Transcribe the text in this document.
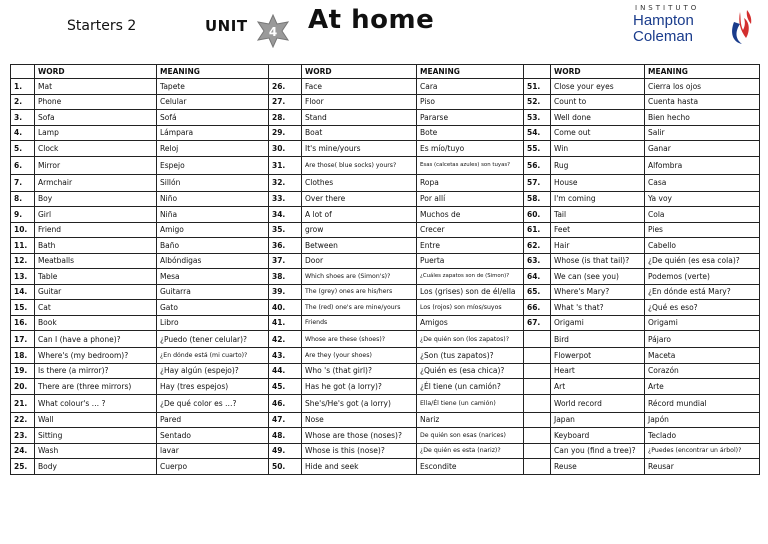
Starters 2	UNIT 4 At home	INSTITUTO
Hampton
Coleman
	WORD	MEANING		WORD	MEANING		WORD	MEANING
1.	Mat	Tapete	26.	Face	Cara	51.	Close your eyes	Cierra los ojos
2.	Phone	Celular	27.	Floor	Piso	52.	Count to	Cuenta hasta
3.	Sofa	Sofá	28.	Stand	Pararse	53.	Well done	Bien hecho
4.	Lamp	Lámpara	29.	Boat	Bote	54.	Come out	Salir
5.	Clock	Reloj	30.	It's mine/yours	Es mío/tuyo	55.	Win	Ganar
6.	Mirror	Espejo	31.	Are those( blue socks) yours?	Esas (calcetas azules) son tuyas?	56.	Rug	Alfombra
7.	Armchair	Sillón	32.	Clothes	Ropa	57.	House	Casa
8.	Boy	Niño	33.	Over there	Por allí	58.	I'm coming	Ya voy
9.	Girl	Niña	34.	A lot of	Muchos de	60.	Tail	Cola
10.	Friend	Amigo	35.	grow	Crecer	61.	Feet	Pies
11.	Bath	Baño	36.	Between	Entre	62.	Hair	Cabello
12.	Meatballs	Albóndigas	37.	Door	Puerta	63.	Whose (is that tail)?	¿De quién (es esa cola)?
13.	Table	Mesa	38.	Which shoes are (Simon's)?	¿Cuáles zapatos son de (Simon)?	64.	We can (see you)	Podemos (verte)
14.	Guitar	Guitarra	39.	The (grey) ones are his/hers	Los (grises) son de él/ella	65.	Where's Mary?	¿En dónde está Mary?
15.	Cat	Gato	40.	The (red) one's are mine/yours	Los (rojos) son míos/suyos	66.	What 's that?	¿Qué es eso?
16.	Book	Libro	41.	Friends	Amigos	67.	Origami	Origami
17.	Can I (have a phone)?	¿Puedo (tener celular)?	42.	Whose are these (shoes)?	¿De quién son (los zapatos)?		Bird	Pájaro
18.	Where's (my bedroom)?	¿En dónde está (mi cuarto)?	43.	Are they (your shoes)	¿Son (tus zapatos)?		Flowerpot	Maceta
19.	Is there (a mirror)?	¿Hay algún (espejo)?	44.	Who 's (that girl)?	¿Quién es (esa chica)?		Heart	Corazón
20.	There are (three mirrors)	Hay (tres espejos)	45.	Has he got (a lorry)?	¿Él tiene (un camión?		Art	Arte
21.	What colour's … ?	¿De qué color es …?	46.	She's/He's got (a lorry)	Ella/Él tiene (un camión)		World record	Récord mundial
22.	Wall	Pared	47.	Nose	Nariz		Japan	Japón
23.	Sitting	Sentado	48.	Whose are those (noses)?	De quién son esas (narices)		Keyboard	Teclado
24.	Wash	lavar	49.	Whose is this (nose)?	¿De quién es esta (nariz)?		Can you (find a tree)?	¿Puedes (encontrar un árbol)?
25.	Body	Cuerpo	50.	Hide and seek	Escondite		Reuse	Reusar
